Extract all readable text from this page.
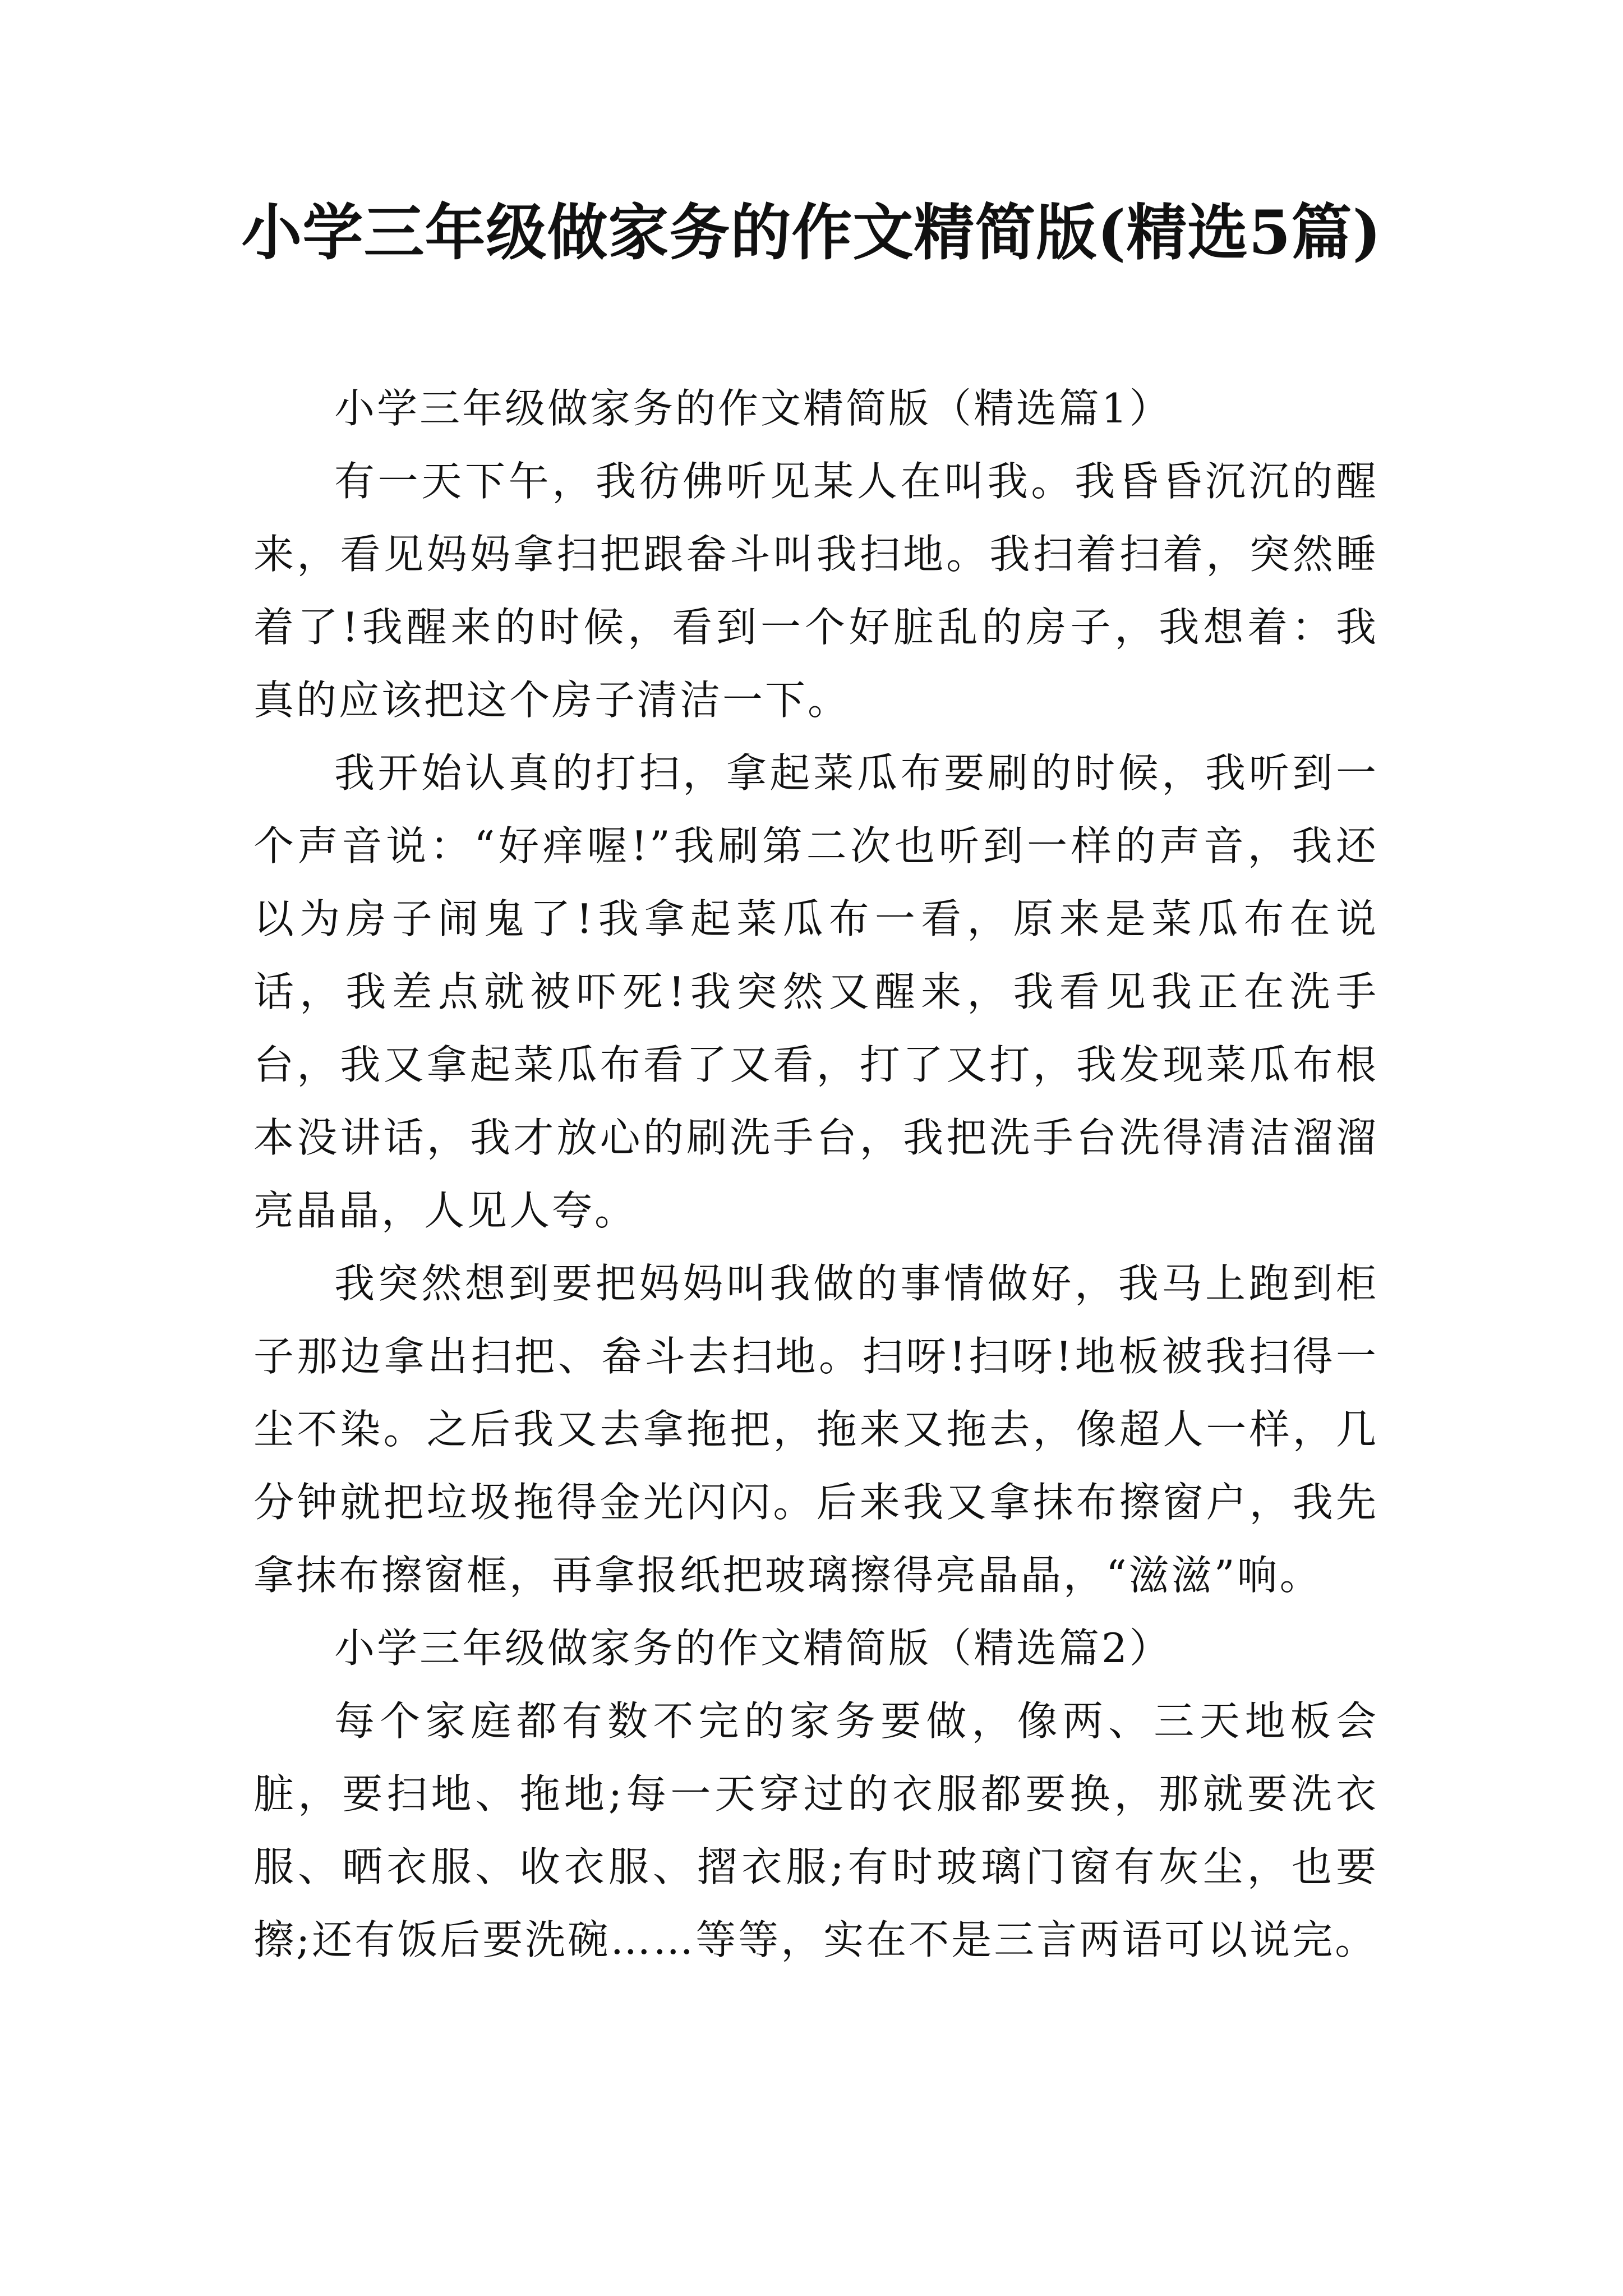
小学三年级做家务的作文精简版(精选5篇)

小学三年级做家务的作文精简版（精选篇1）

有一天下午，我彷佛听见某人在叫我。我昏昏沉沉的醒来，看见妈妈拿扫把跟畚斗叫我扫地。我扫着扫着，突然睡着了!我醒来的时候，看到一个好脏乱的房子，我想着：我真的应该把这个房子清洁一下。

我开始认真的打扫，拿起菜瓜布要刷的时候，我听到一个声音说：“好痒喔!”我刷第二次也听到一样的声音，我还以为房子闹鬼了!我拿起菜瓜布一看，原来是菜瓜布在说话，我差点就被吓死!我突然又醒来，我看见我正在洗手台，我又拿起菜瓜布看了又看，打了又打，我发现菜瓜布根本没讲话，我才放心的刷洗手台，我把洗手台洗得清洁溜溜亮晶晶，人见人夸。

我突然想到要把妈妈叫我做的事情做好，我马上跑到柜子那边拿出扫把、畚斗去扫地。扫呀!扫呀!地板被我扫得一尘不染。之后我又去拿拖把，拖来又拖去，像超人一样，几分钟就把垃圾拖得金光闪闪。后来我又拿抹布擦窗户，我先拿抹布擦窗框，再拿报纸把玻璃擦得亮晶晶，“滋滋”响。

小学三年级做家务的作文精简版（精选篇2）

每个家庭都有数不完的家务要做，像两、三天地板会脏，要扫地、拖地;每一天穿过的衣服都要换，那就要洗衣服、晒衣服、收衣服、摺衣服;有时玻璃门窗有灰尘，也要擦;还有饭后要洗碗……等等，实在不是三言两语可以说完。
